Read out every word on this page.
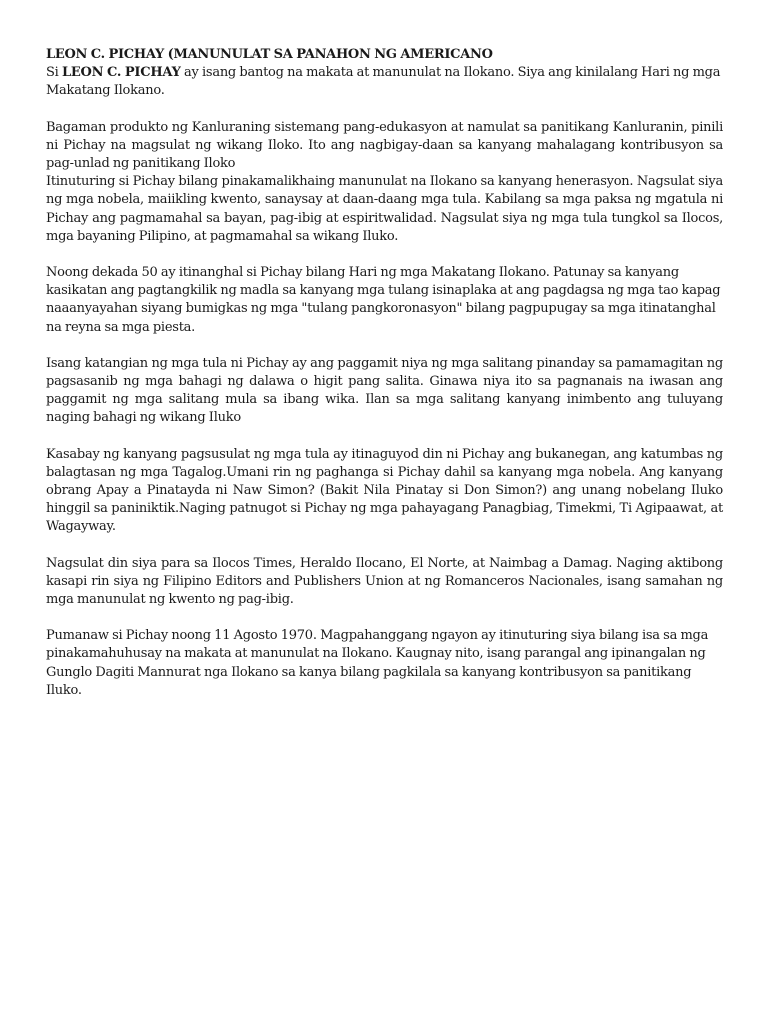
LEON C. PICHAY (MANUNULAT SA PANAHON NG AMERICANO

Si LEON C. PICHAY ay isang bantog na makata at manunulat na Ilokano. Siya ang kinilalang Hari ng mga Makatang Ilokano.

Bagaman produkto ng Kanluraning sistemang pang-edukasyon at namulat sa panitikang Kanluranin, pinili ni Pichay na magsulat ng wikang Iloko. Ito ang nagbigay-daan sa kanyang mahalagang kontribusyon sa pag-unlad ng panitikang Iloko

Itinuturing si Pichay bilang pinakamalikhaing manunulat na Ilokano sa kanyang henerasyon. Nagsulat siya ng mga nobela, maiikling kwento, sanaysay at daan-daang mga tula. Kabilang sa mga paksa ng mgatula ni Pichay ang pagmamahal sa bayan, pag-ibig at espiritwalidad. Nagsulat siya ng mga tula tungkol sa Ilocos, mga bayaning Pilipino, at pagmamahal sa wikang Iluko.

Noong dekada 50 ay itinanghal si Pichay bilang Hari ng mga Makatang Ilokano. Patunay sa kanyang kasikatan ang pagtangkilik ng madla sa kanyang mga tulang isinaplaka at ang pagdagsa ng mga tao kapag naaanyayahan siyang bumigkas ng mga "tulang pangkoronasyon" bilang pagpupugay sa mga itinatanghal na reyna sa mga piesta.

Isang katangian ng mga tula ni Pichay ay ang paggamit niya ng mga salitang pinanday sa pamamagitan ng pagsasanib ng mga bahagi ng dalawa o higit pang salita. Ginawa niya ito sa pagnanais na iwasan ang paggamit ng mga salitang mula sa ibang wika. Ilan sa mga salitang kanyang inimbento ang tuluyang naging bahagi ng wikang Iluko

Kasabay ng kanyang pagsusulat ng mga tula ay itinaguyod din ni Pichay ang bukanegan, ang katumbas ng balagtasan ng mga Tagalog.Umani rin ng paghanga si Pichay dahil sa kanyang mga nobela. Ang kanyang obrang Apay a Pinatayda ni Naw Simon? (Bakit Nila Pinatay si Don Simon?) ang unang nobelang Iluko hinggil sa paniniktik.Naging patnugot si Pichay ng mga pahayagang Panagbiag, Timekmi, Ti Agipaawat, at Wagayway.

Nagsulat din siya para sa Ilocos Times, Heraldo Ilocano, El Norte, at Naimbag a Damag. Naging aktibong kasapi rin siya ng Filipino Editors and Publishers Union at ng Romanceros Nacionales, isang samahan ng mga manunulat ng kwento ng pag-ibig.

Pumanaw si Pichay noong 11 Agosto 1970. Magpahanggang ngayon ay itinuturing siya bilang isa sa mga pinakamahuhusay na makata at manunulat na Ilokano. Kaugnay nito, isang parangal ang ipinangalan ng Gunglo Dagiti Mannurat nga Ilokano sa kanya bilang pagkilala sa kanyang kontribusyon sa panitikang Iluko.
